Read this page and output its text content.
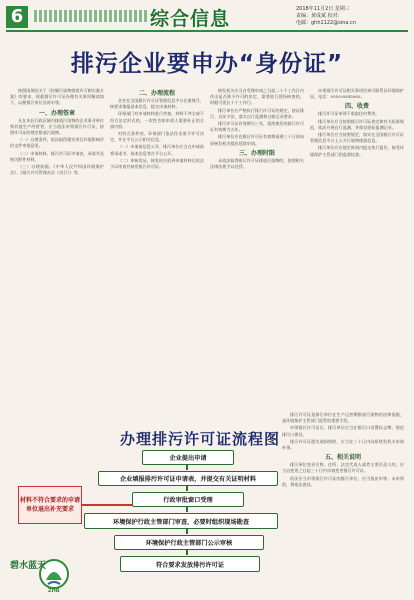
6	综合信息	2018年11月2日 星期三
责编：黄成斌 校对：
电邮：ghh1122@sina.cn
排污企业要申办“身份证”

按照国务院关于《控制污染物排放许可制实施方案》的要求，现就排污许可证办理有关事项解读如下，以便排污单位及时申领。

一、办理签章

凡在本县行政区域内排放污染物的企业事业单位和其他生产经营者，应当依法申领排污许可证，按照许可证的规定排放污染物。

（一）办理条件。依法取得建设项目环境影响评价文件审批意见。

（二）申请材料。排污许可证申请表、承诺书及相关附件材料。

（三）办理依据。《中华人民共和国环境保护法》、《排污许可管理办法（试行）》等。

二、办理流程

企业在全国排污许可证管理信息平台注册账号，按要求填报基本信息，提交申请材料。

环保部门对申请材料进行审查，材料不齐全或不符合法定形式的，一次性告知申请人需要补正的全部内容。

对符合条件的，环保部门依法作出准予许可决定，并在平台公示相关信息。

（一）申请前信息公开。排污单位应当在申请前将承诺书、基本信息等在平台公开。

（二）审核发证。核发机关收到申请材料后依法予以审查并核发排污许可证。

核发机关应当自受理申请之日起二十个工作日内作出是否准予许可的决定，需要进行现场核查的，时限可延长十个工作日。

排污单位应严格执行排污许可证的规定，按证排污、自证守法，落实自行监测和台账记录要求。

排污许可证有效期为三年，延续换发的排污许可证有效期为五年。

排污单位应在排污许可证有效期届满三十日前向原核发机关提出延续申请。

三、办理时限

未依法取得排污许可证排放污染物的，依照相关法律法规予以处罚。

申领排污许可证相关事项咨询可联系县环境保护局，电话：0550-8045083。

四、收费

排污许可证申领不收取任何费用。

排污单位应当按照排污许可证规定和有关标准规范，依法开展自行监测，并保存原始监测记录。

排污单位应当按照规定，如实在全国排污许可证管理信息平台上公开污染物排放信息。

排污单位应在规定时间内提交执行报告，接受环境保护主管部门的监督检查。

办理排污许可证流程图
材料不符合要求的申请单位退出补充要求
企业提出申请
企业填报排污许可证申请表，并提交有关证明材料
行政审批窗口受理
环境保护行政主管部门审查，必要时组织现场勘查
环境保护行政主管部门公示审核
符合要求发放排污许可证
碧水蓝天
ZHB

排污许可证是排污单位在生产运营期排放污染物的法律依据，是环境保护主管部门监管的重要手段。

申领排污许可证后，排污单位应当在排污口设置标志牌，规范排污口建设。

排污许可证遗失或损毁的，应当在三十日内向原核发机关申请补领。

五、相关说明

排污单位变更名称、住所、法定代表人或者主要负责人的，应当自变更之日起三十日内申请变更排污许可证。

依法应当申领排污许可证的排污单位，应当依法申领；未申领的，将依法查处。
